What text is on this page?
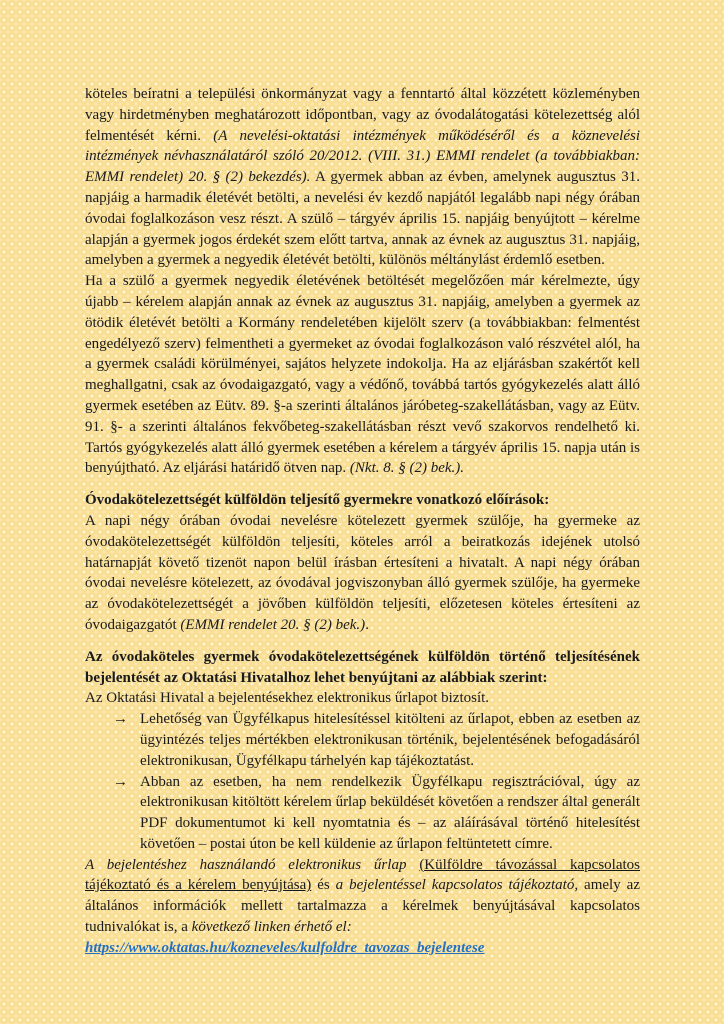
köteles beíratni a települési önkormányzat vagy a fenntartó által közzétett közleményben vagy hirdetményben meghatározott időpontban, vagy az óvodalátogatási kötelezettség alól felmentését kérni. (A nevelési-oktatási intézmények működéséről és a köznevelési intézmények névhasználatáról szóló 20/2012. (VIII. 31.) EMMI rendelet (a továbbiakban: EMMI rendelet) 20. § (2) bekezdés). A gyermek abban az évben, amelynek augusztus 31. napjáig a harmadik életévét betölti, a nevelési év kezdő napjától legalább napi négy órában óvodai foglalkozáson vesz részt. A szülő – tárgyév április 15. napjáig benyújtott – kérelme alapján a gyermek jogos érdekét szem előtt tartva, annak az évnek az augusztus 31. napjáig, amelyben a gyermek a negyedik életévét betölti, különös méltánylást érdemlő esetben.

Ha a szülő a gyermek negyedik életévének betöltését megelőzően már kérelmezte, úgy újabb – kérelem alapján annak az évnek az augusztus 31. napjáig, amelyben a gyermek az ötödik életévét betölti a Kormány rendeletében kijelölt szerv (a továbbiakban: felmentést engedélyező szerv) felmentheti a gyermeket az óvodai foglalkozáson való részvétel alól, ha a gyermek családi körülményei, sajátos helyzete indokolja. Ha az eljárásban szakértőt kell meghallgatni, csak az óvodaigazgató, vagy a védőnő, továbbá tartós gyógykezelés alatt álló gyermek esetében az Eütv. 89. §-a szerinti általános járóbeteg-szakellátásban, vagy az Eütv. 91. §- a szerinti általános fekvőbeteg-szakellátásban részt vevő szakorvos rendelhető ki. Tartós gyógykezelés alatt álló gyermek esetében a kérelem a tárgyév április 15. napja után is benyújtható. Az eljárási határidő ötven nap. (Nkt. 8. § (2) bek.).

Óvodakötelezettségét külföldön teljesítő gyermekre vonatkozó előírások:

A napi négy órában óvodai nevelésre kötelezett gyermek szülője, ha gyermeke az óvodakötelezettségét külföldön teljesíti, köteles arról a beiratkozás idejének utolsó határnapját követő tizenöt napon belül írásban értesíteni a hivatalt. A napi négy órában óvodai nevelésre kötelezett, az óvodával jogviszonyban álló gyermek szülője, ha gyermeke az óvodakötelezettségét a jövőben külföldön teljesíti, előzetesen köteles értesíteni az óvodaigazgatót (EMMI rendelet 20. § (2) bek.).

Az óvodaköteles gyermek óvodakötelezettségének külföldön történő teljesítésének bejelentését az Oktatási Hivatalhoz lehet benyújtani az alábbiak szerint:

Az Oktatási Hivatal a bejelentésekhez elektronikus űrlapot biztosít.

→ Lehetőség van Ügyfélkapus hitelesítéssel kitölteni az űrlapot, ebben az esetben az ügyintézés teljes mértékben elektronikusan történik, bejelentésének befogadásáról elektronikusan, Ügyfélkapu tárhelyén kap tájékoztatást.
→ Abban az esetben, ha nem rendelkezik Ügyfélkapu regisztrációval, úgy az elektronikusan kitöltött kérelem űrlap beküldését követően a rendszer által generált PDF dokumentumot ki kell nyomtatnia és – az aláírásával történő hitelesítést követően – postai úton be kell küldenie az űrlapon feltüntetett címre.

A bejelentéshez használandó elektronikus űrlap (Külföldre távozással kapcsolatos tájékoztató és a kérelem benyújtása) és a bejelentéssel kapcsolatos tájékoztató, amely az általános információk mellett tartalmazza a kérelmek benyújtásával kapcsolatos tudnivalókat is, a következő linken érhető el:

https://www.oktatas.hu/kozneveles/kulfoldre_tavozas_bejelentese
